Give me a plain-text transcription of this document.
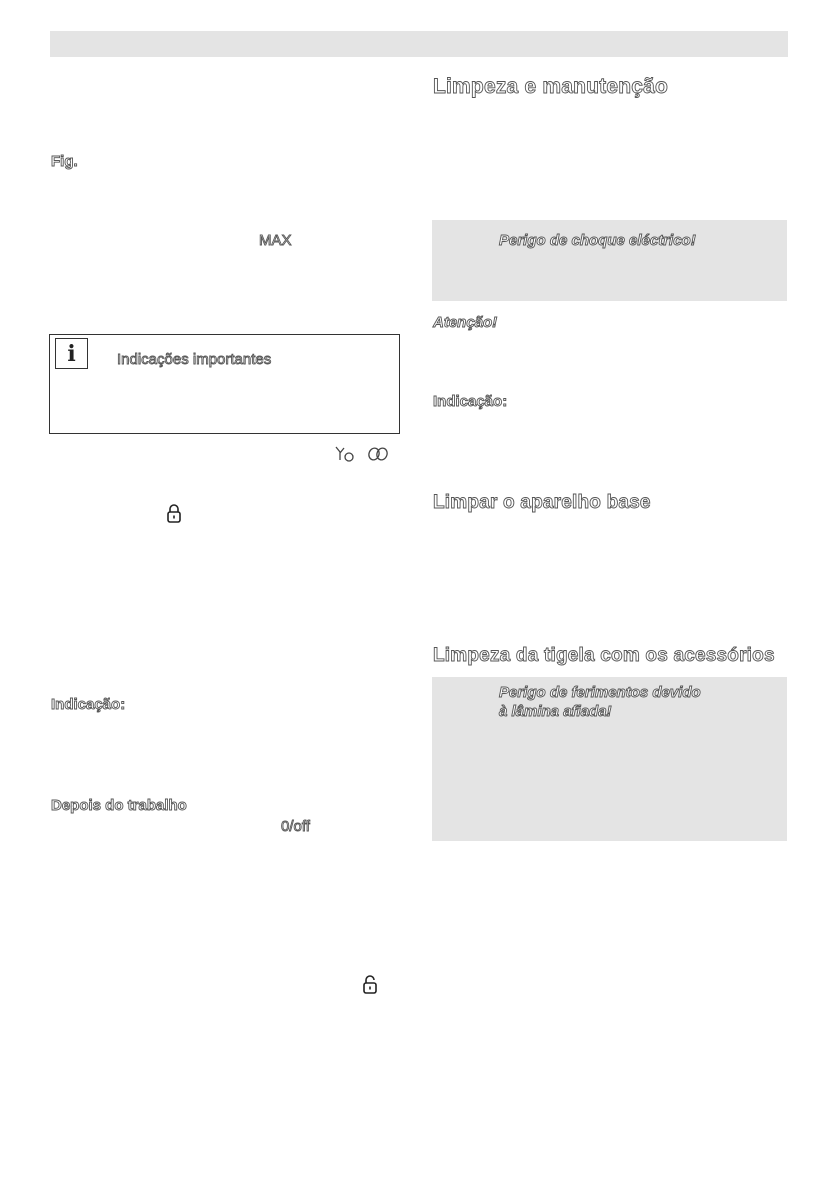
Fig.
MAX
i	Indicações importantes
Indicação:
Depois do trabalho
0/off
Limpeza e manutenção
Perigo de choque eléctrico!
Atenção!
Indicação:
Limpar o aparelho base
Limpeza da tigela com os acessórios
Perigo de ferimentos devido
à lâmina afiada!
